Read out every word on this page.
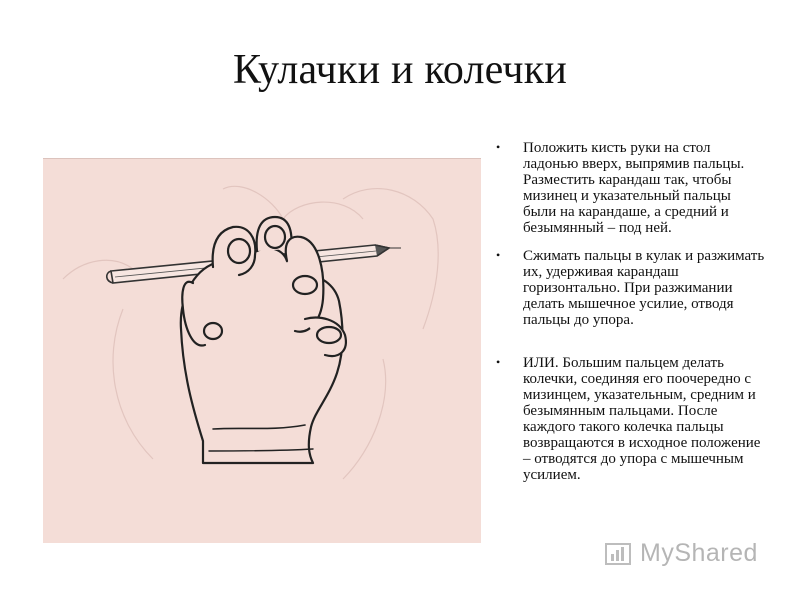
Кулачки и колечки
• Положить кисть руки на стол ладонью вверх, выпрямив пальцы. Разместить карандаш так, чтобы мизинец и указательный пальцы были на карандаше, а средний и безымянный – под ней.
• Сжимать пальцы в кулак и разжимать их, удерживая карандаш горизонтально. При разжимании делать мышечное усилие, отводя пальцы до упора.
• ИЛИ. Большим пальцем делать колечки, соединяя его поочередно с мизинцем, указательным, средним и безымянным пальцами. После каждого такого колечка пальцы возвращаются в исходное положение – отводятся до упора с мышечным усилием.
MyShared
